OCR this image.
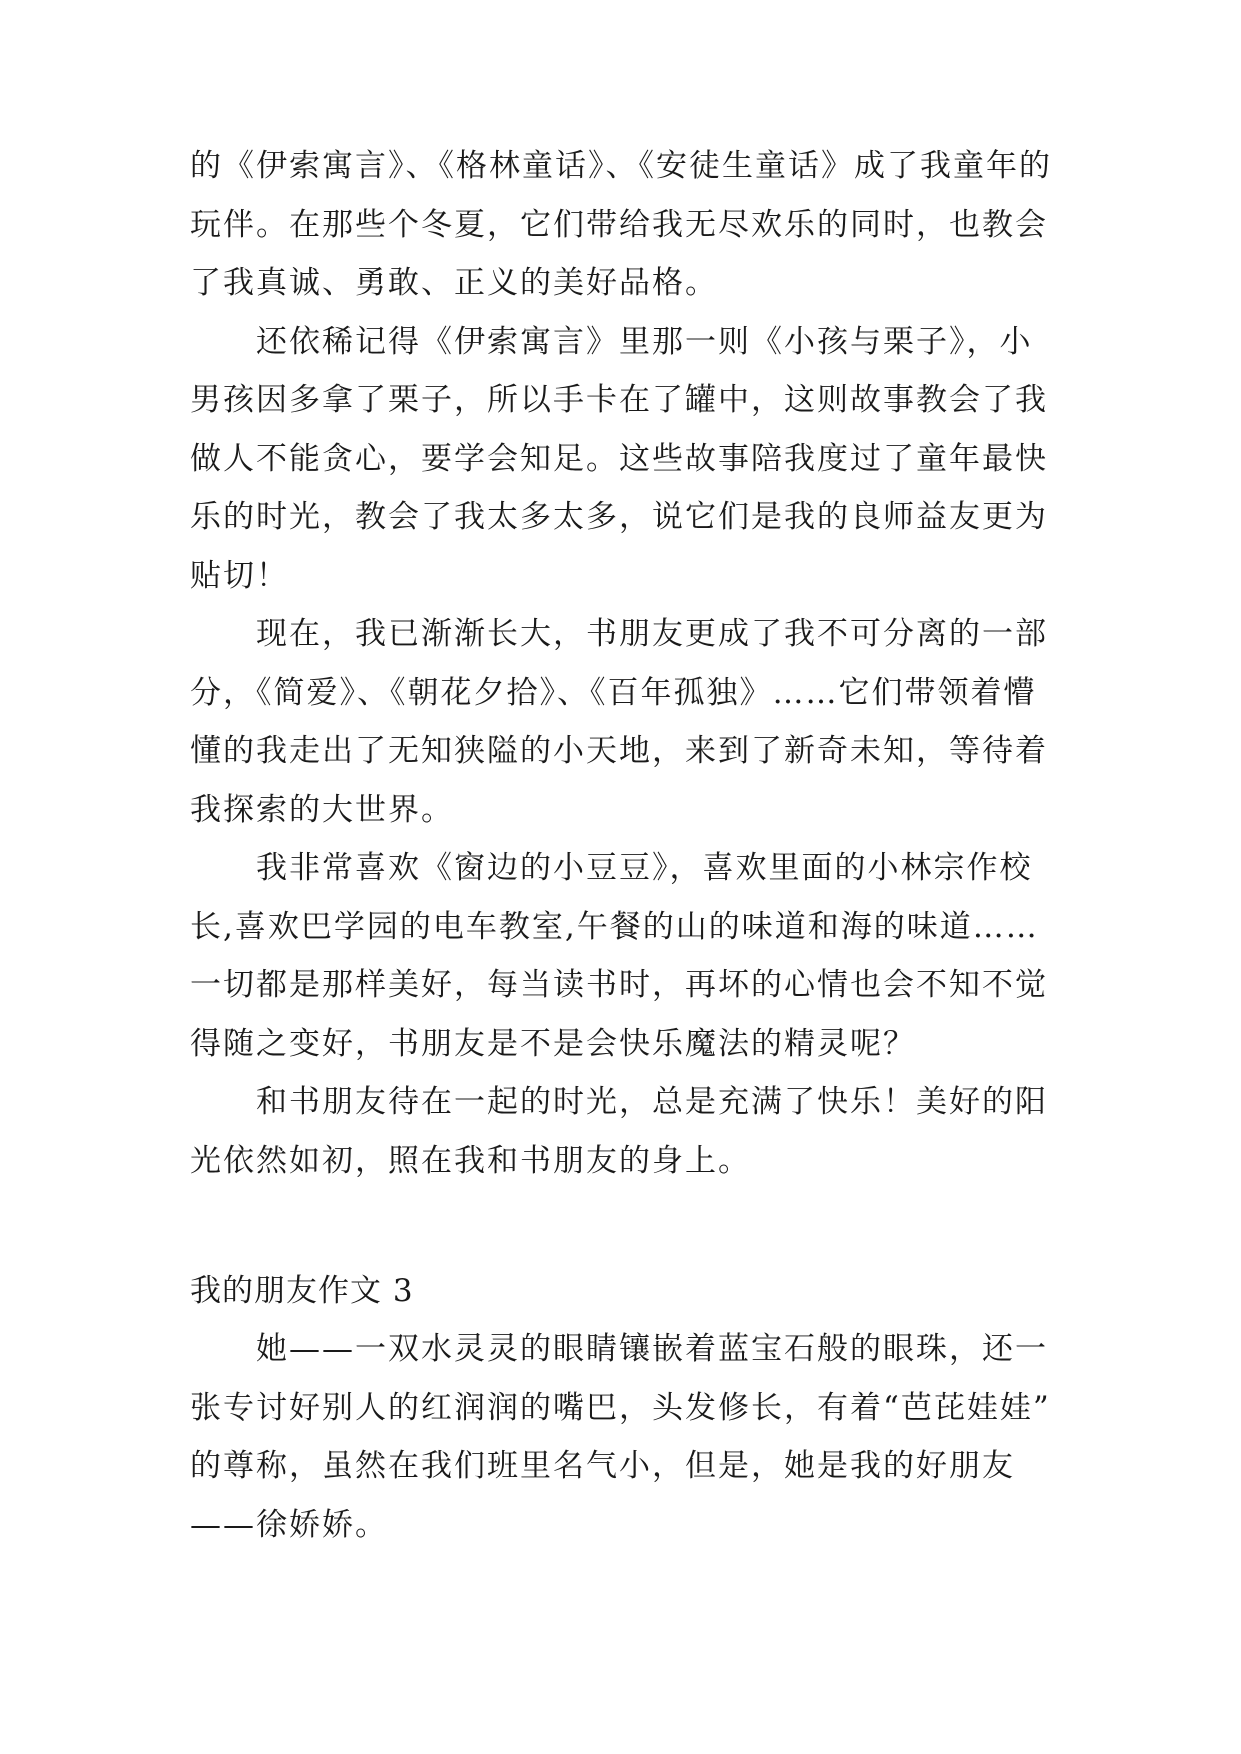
的《伊索寓言》、《格林童话》、《安徒生童话》成了我童年的
玩伴。在那些个冬夏，它们带给我无尽欢乐的同时，也教会
了我真诚、勇敢、正义的美好品格。
还依稀记得《伊索寓言》里那一则《小孩与栗子》，小
男孩因多拿了栗子，所以手卡在了罐中，这则故事教会了我
做人不能贪心，要学会知足。这些故事陪我度过了童年最快
乐的时光，教会了我太多太多，说它们是我的良师益友更为
贴切！
现在，我已渐渐长大，书朋友更成了我不可分离的一部
分，《简爱》、《朝花夕拾》、《百年孤独》……它们带领着懵
懂的我走出了无知狭隘的小天地，来到了新奇未知，等待着
我探索的大世界。
我非常喜欢《窗边的小豆豆》，喜欢里面的小林宗作校
长,喜欢巴学园的电车教室,午餐的山的味道和海的味道……
一切都是那样美好，每当读书时，再坏的心情也会不知不觉
得随之变好，书朋友是不是会快乐魔法的精灵呢？
和书朋友待在一起的时光，总是充满了快乐！美好的阳
光依然如初，照在我和书朋友的身上。
我的朋友作文 3
她——一双水灵灵的眼睛镶嵌着蓝宝石般的眼珠，还一
张专讨好别人的红润润的嘴巴，头发修长，有着“芭芘娃娃”
的尊称，虽然在我们班里名气小，但是，她是我的好朋友
——徐娇娇。
